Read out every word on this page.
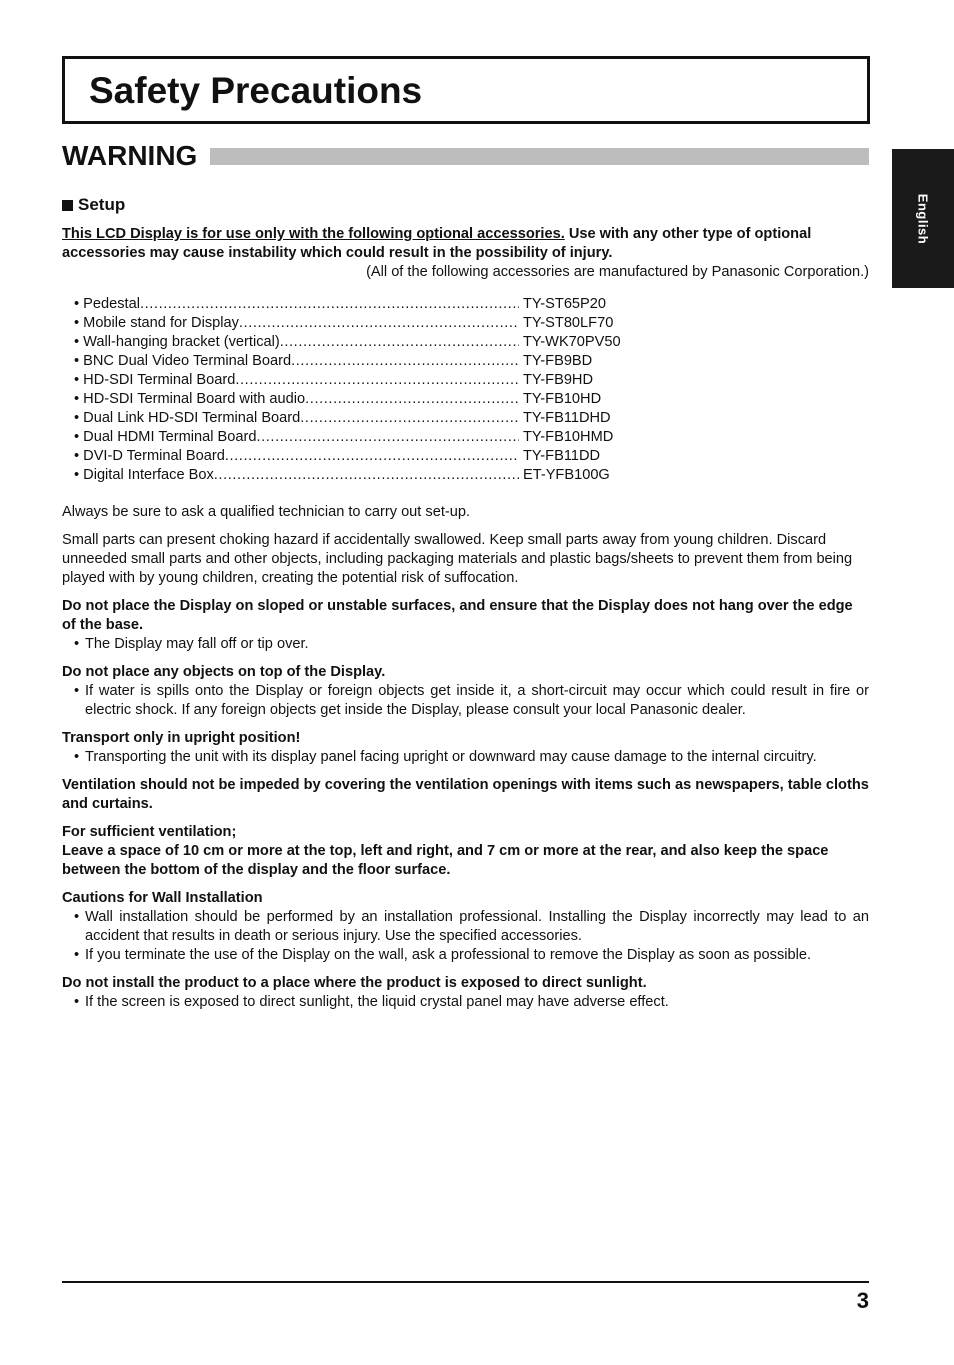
Safety Precautions
WARNING
English
Setup

This LCD Display is for use only with the following optional accessories. Use with any other type of optional accessories may cause instability which could result in the possibility of injury.

(All of the following accessories are manufactured by Panasonic Corporation.)

• Pedestal .....	TY-ST65P20
• Mobile stand for Display .....	TY-ST80LF70
• Wall-hanging bracket (vertical) .....	TY-WK70PV50
• BNC Dual Video Terminal Board .....	TY-FB9BD
• HD-SDI Terminal Board .....	TY-FB9HD
• HD-SDI Terminal Board with audio .....	TY-FB10HD
• Dual Link HD-SDI Terminal Board .....	TY-FB11DHD
• Dual HDMI Terminal Board .....	TY-FB10HMD
• DVI-D Terminal Board .....	TY-FB11DD
• Digital Interface Box .....	ET-YFB100G

Always be sure to ask a qualified technician to carry out set-up.

Small parts can present choking hazard if accidentally swallowed. Keep small parts away from young children. Discard unneeded small parts and other objects, including packaging materials and plastic bags/sheets to prevent them from being played with by young children, creating the potential risk of suffocation.

Do not place the Display on sloped or unstable surfaces, and ensure that the Display does not hang over the edge of the base.

• The Display may fall off or tip over.

Do not place any objects on top of the Display.

• If water is spills onto the Display or foreign objects get inside it, a short-circuit may occur which could result in fire or electric shock. If any foreign objects get inside the Display, please consult your local Panasonic dealer.

Transport only in upright position!

• Transporting the unit with its display panel facing upright or downward may cause damage to the internal circuitry.

Ventilation should not be impeded by covering the ventilation openings with items such as newspapers, table cloths and curtains.

For sufficient ventilation;

Leave a space of 10 cm or more at the top, left and right, and 7 cm or more at the rear, and also keep the space between the bottom of the display and the floor surface.

Cautions for Wall Installation

• Wall installation should be performed by an installation professional. Installing the Display incorrectly may lead to an accident that results in death or serious injury. Use the specified accessories.

• If you terminate the use of the Display on the wall, ask a professional to remove the Display as soon as possible.

Do not install the product to a place where the product is exposed to direct sunlight.

• If the screen is exposed to direct sunlight, the liquid crystal panel may have adverse effect.

3
